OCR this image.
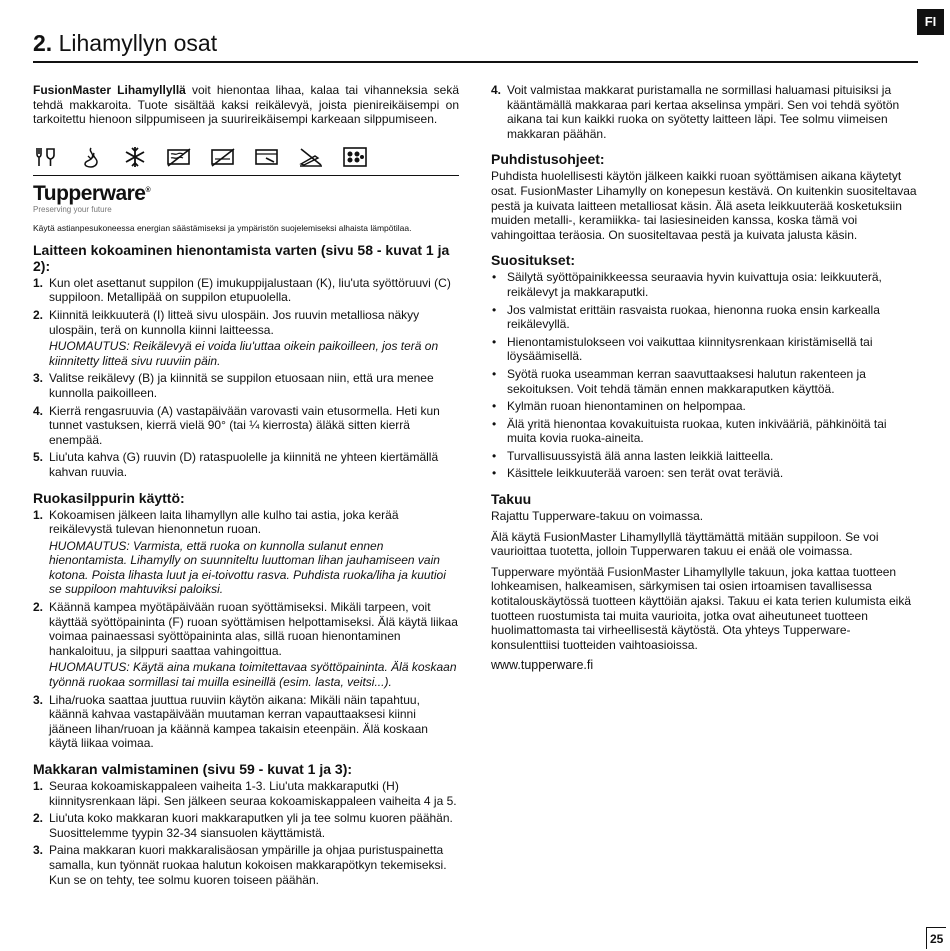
FI
2. Lihamyllyn osat

FusionMaster Lihamyllyllä voit hienontaa lihaa, kalaa tai vihanneksia sekä tehdä makkaroita. Tuote sisältää kaksi reikälevyä, joista pienireikäisempi on tarkoitettu hienoon silppumiseen ja suurireikäisempi karkeaan silppumiseen.

Tupperware®
Preserving your future
Käytä astianpesukoneessa energian säästämiseksi ja ympäristön suojelemiseksi alhaista lämpötilaa.
Laitteen kokoaminen hienontamista varten (sivu 58 - kuvat 1 ja 2):
1. Kun olet asettanut suppilon (E) imukuppijalustaan (K), liu'uta syöttöruuvi (C) suppiloon. Metallipää on suppilon etupuolella.
2. Kiinnitä leikkuuterä (I) litteä sivu ulospäin. Jos ruuvin metalliosa näkyy ulospäin, terä on kunnolla kiinni laitteessa.
HUOMAUTUS: Reikälevyä ei voida liu'uttaa oikein paikoilleen, jos terä on kiinnitetty litteä sivu ruuviin päin.
3. Valitse reikälevy (B) ja kiinnitä se suppilon etuosaan niin, että ura menee kunnolla paikoilleen.
4. Kierrä rengasruuvia (A) vastapäivään varovasti vain etusormella. Heti kun tunnet vastuksen, kierrä vielä 90° (tai ¼ kierrosta) äläkä sitten kierrä enempää.
5. Liu'uta kahva (G) ruuvin (D) rataspuolelle ja kiinnitä ne yhteen kiertämällä kahvan ruuvia.
Ruokasilppurin käyttö:
1. Kokoamisen jälkeen laita lihamyllyn alle kulho tai astia, joka kerää reikälevystä tulevan hienonnetun ruoan.
HUOMAUTUS: Varmista, että ruoka on kunnolla sulanut ennen hienontamista. Lihamylly on suunniteltu luuttoman lihan jauhamiseen vain kotona. Poista lihasta luut ja ei-toivottu rasva. Puhdista ruoka/liha ja kuutioi se suppiloon mahtuviksi paloiksi.
2. Käännä kampea myötäpäivään ruoan syöttämiseksi. Mikäli tarpeen, voit käyttää syöttöpaininta (F) ruoan syöttämisen helpottamiseksi. Älä käytä liikaa voimaa painaessasi syöttöpaininta alas, sillä ruoan hienontaminen hankaloituu, ja silppuri saattaa vahingoittua.
HUOMAUTUS: Käytä aina mukana toimitettavaa syöttöpaininta. Älä koskaan työnnä ruokaa sormillasi tai muilla esineillä (esim. lasta, veitsi...).
3. Liha/ruoka saattaa juuttua ruuviin käytön aikana: Mikäli näin tapahtuu, käännä kahvaa vastapäivään muutaman kerran vapauttaaksesi kiinni jääneen lihan/ruoan ja käännä kampea takaisin eteenpäin. Älä koskaan käytä liikaa voimaa.
Makkaran valmistaminen (sivu 59 - kuvat 1 ja 3):
1. Seuraa kokoamiskappaleen vaiheita 1-3. Liu'uta makkaraputki (H) kiinnitysrenkaan läpi. Sen jälkeen seuraa kokoamiskappaleen vaiheita 4 ja 5.
2. Liu'uta koko makkaran kuori makkaraputken yli ja tee solmu kuoren päähän. Suosittelemme tyypin 32-34 siansuolen käyttämistä.
3. Paina makkaran kuori makkaralisäosan ympärille ja ohjaa puristuspainetta samalla, kun työnnät ruokaa halutun kokoisen makkarapötkyn tekemiseksi. Kun se on tehty, tee solmu kuoren toiseen päähän.
4. Voit valmistaa makkarat puristamalla ne sormillasi haluamasi pituisiksi ja kääntämällä makkaraa pari kertaa akselinsa ympäri. Sen voi tehdä syötön aikana tai kun kaikki ruoka on syötetty laitteen läpi. Tee solmu viimeisen makkaran päähän.
Puhdistusohjeet:

Puhdista huolellisesti käytön jälkeen kaikki ruoan syöttämisen aikana käytetyt osat. FusionMaster Lihamylly on konepesun kestävä. On kuitenkin suositeltavaa pestä ja kuivata laitteen metalliosat käsin. Älä aseta leikkuuterää kosketuksiin muiden metalli-, keramiikka- tai lasiesineiden kanssa, koska tämä voi vahingoittaa teräosia. On suositeltavaa pestä ja kuivata jalusta käsin.

Suositukset:
• Säilytä syöttöpainikkeessa seuraavia hyvin kuivattuja osia: leikkuuterä, reikälevyt ja makkaraputki.
• Jos valmistat erittäin rasvaista ruokaa, hienonna ruoka ensin karkealla reikälevyllä.
• Hienontamistulokseen voi vaikuttaa kiinnitysrenkaan kiristämisellä tai löysäämisellä.
• Syötä ruoka useamman kerran saavuttaaksesi halutun rakenteen ja sekoituksen. Voit tehdä tämän ennen makkaraputken käyttöä.
• Kylmän ruoan hienontaminen on helpompaa.
• Älä yritä hienontaa kovakuituista ruokaa, kuten inkivääriä, pähkinöitä tai muita kovia ruoka-aineita.
• Turvallisuussyistä älä anna lasten leikkiä laitteella.
• Käsittele leikkuuterää varoen: sen terät ovat teräviä.
Takuu

Rajattu Tupperware-takuu on voimassa.

Älä käytä FusionMaster Lihamyllyllä täyttämättä mitään suppiloon. Se voi vaurioittaa tuotetta, jolloin Tupperwaren takuu ei enää ole voimassa.

Tupperware myöntää FusionMaster Lihamyllylle takuun, joka kattaa tuotteen lohkeamisen, halkeamisen, särkymisen tai osien irtoamisen tavallisessa kotitalouskäytössä tuotteen käyttöiän ajaksi. Takuu ei kata terien kulumista eikä tuotteen ruostumista tai muita vaurioita, jotka ovat aiheutuneet tuotteen huolimattomasta tai virheellisestä käytöstä. Ota yhteys Tupperware-konsulenttiisi tuotteiden vaihtoasioissa.

www.tupperware.fi
25
